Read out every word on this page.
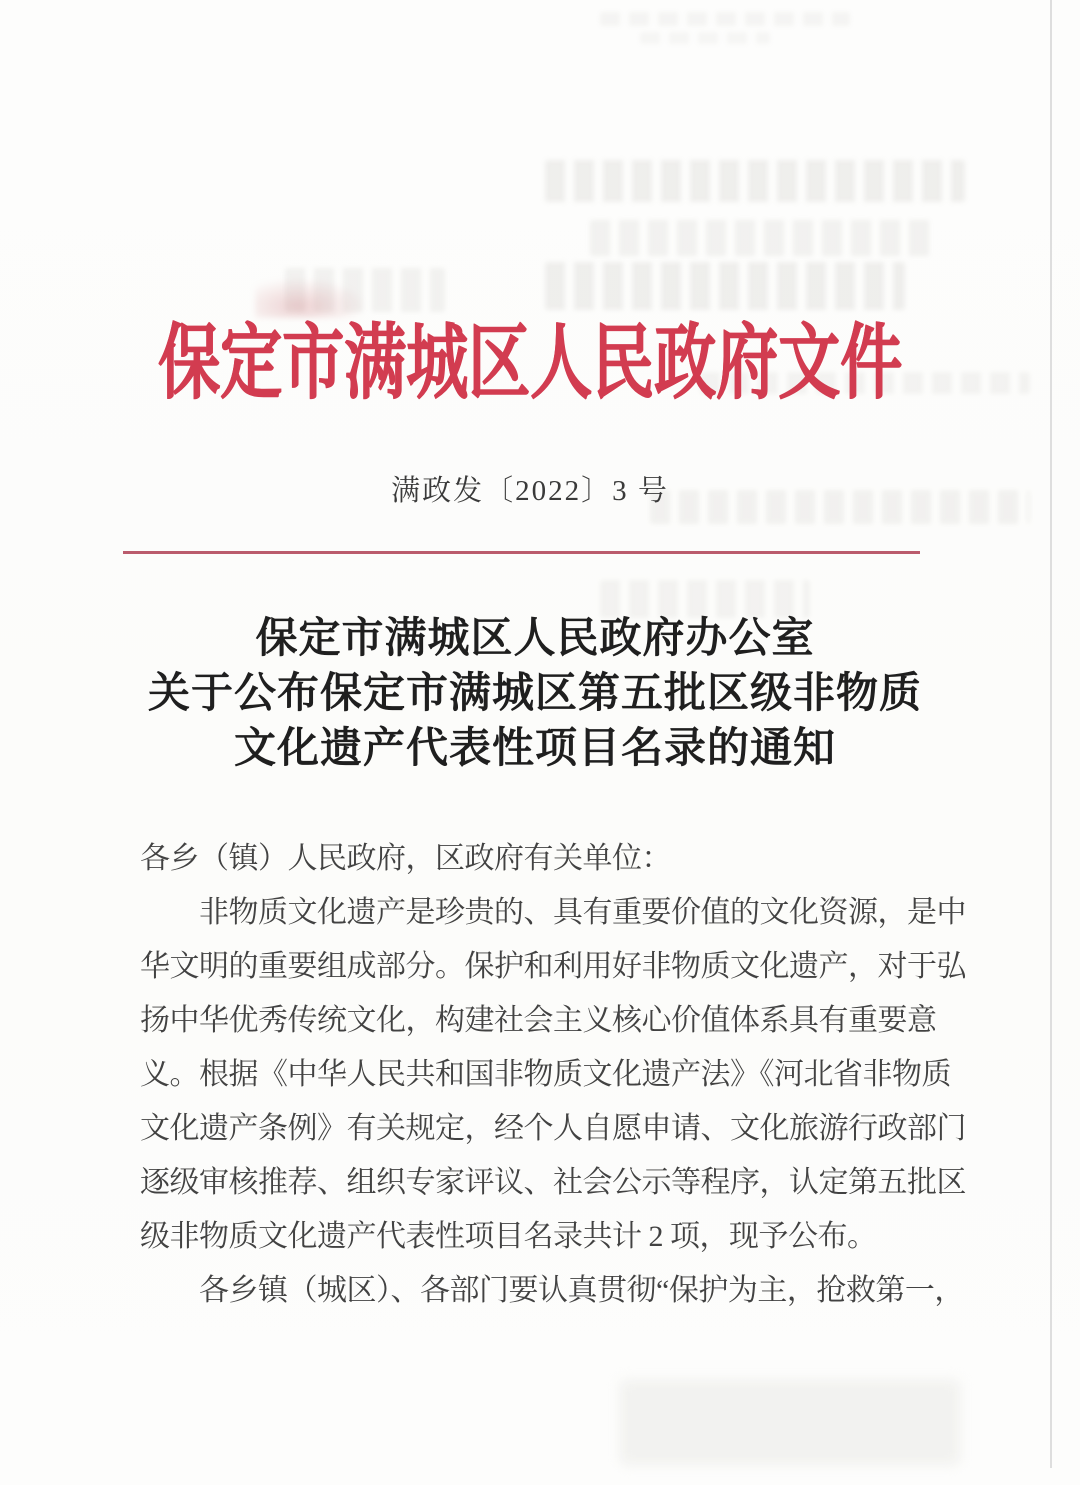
保定市满城区人民政府文件
满政发〔2022〕3 号
保定市满城区人民政府办公室
关于公布保定市满城区第五批区级非物质
文化遗产代表性项目名录的通知
各乡（镇）人民政府，区政府有关单位：
　　非物质文化遗产是珍贵的、具有重要价值的文化资源，是中
华文明的重要组成部分。保护和利用好非物质文化遗产，对于弘
扬中华优秀传统文化，构建社会主义核心价值体系具有重要意
义。根据《中华人民共和国非物质文化遗产法》《河北省非物质
文化遗产条例》有关规定，经个人自愿申请、文化旅游行政部门
逐级审核推荐、组织专家评议、社会公示等程序，认定第五批区
级非物质文化遗产代表性项目名录共计 2 项，现予公布。
　　各乡镇（城区）、各部门要认真贯彻“保护为主，抢救第一，
